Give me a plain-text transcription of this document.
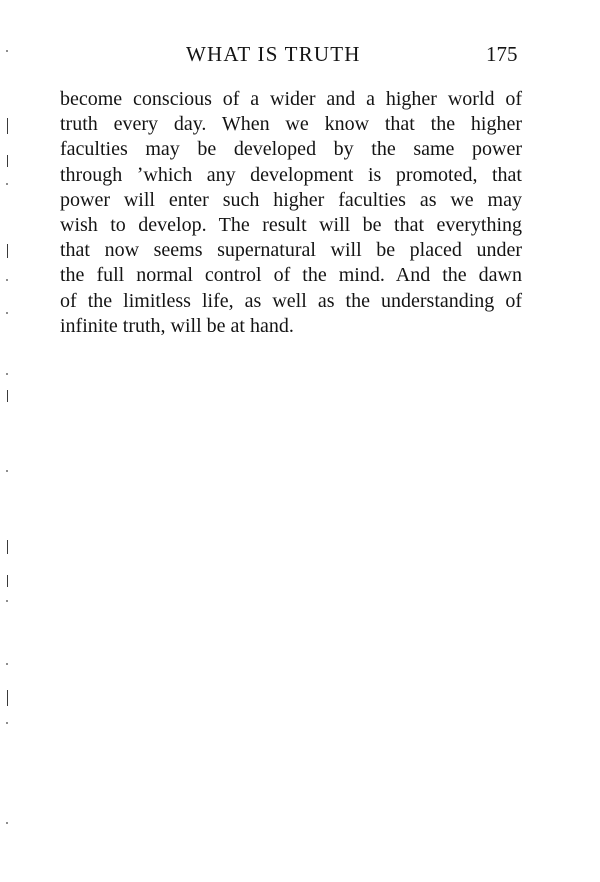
WHAT IS TRUTH	175
become conscious of a wider and a higher world of
truth every day. When we know that the higher
faculties may be developed by the same power
through ʼwhich any development is promoted, that
power will enter such higher faculties as we may
wish to develop. The result will be that everything
that now seems supernatural will be placed under
the full normal control of the mind. And the dawn
of the limitless life, as well as the understanding of
infinite truth, will be at hand.
